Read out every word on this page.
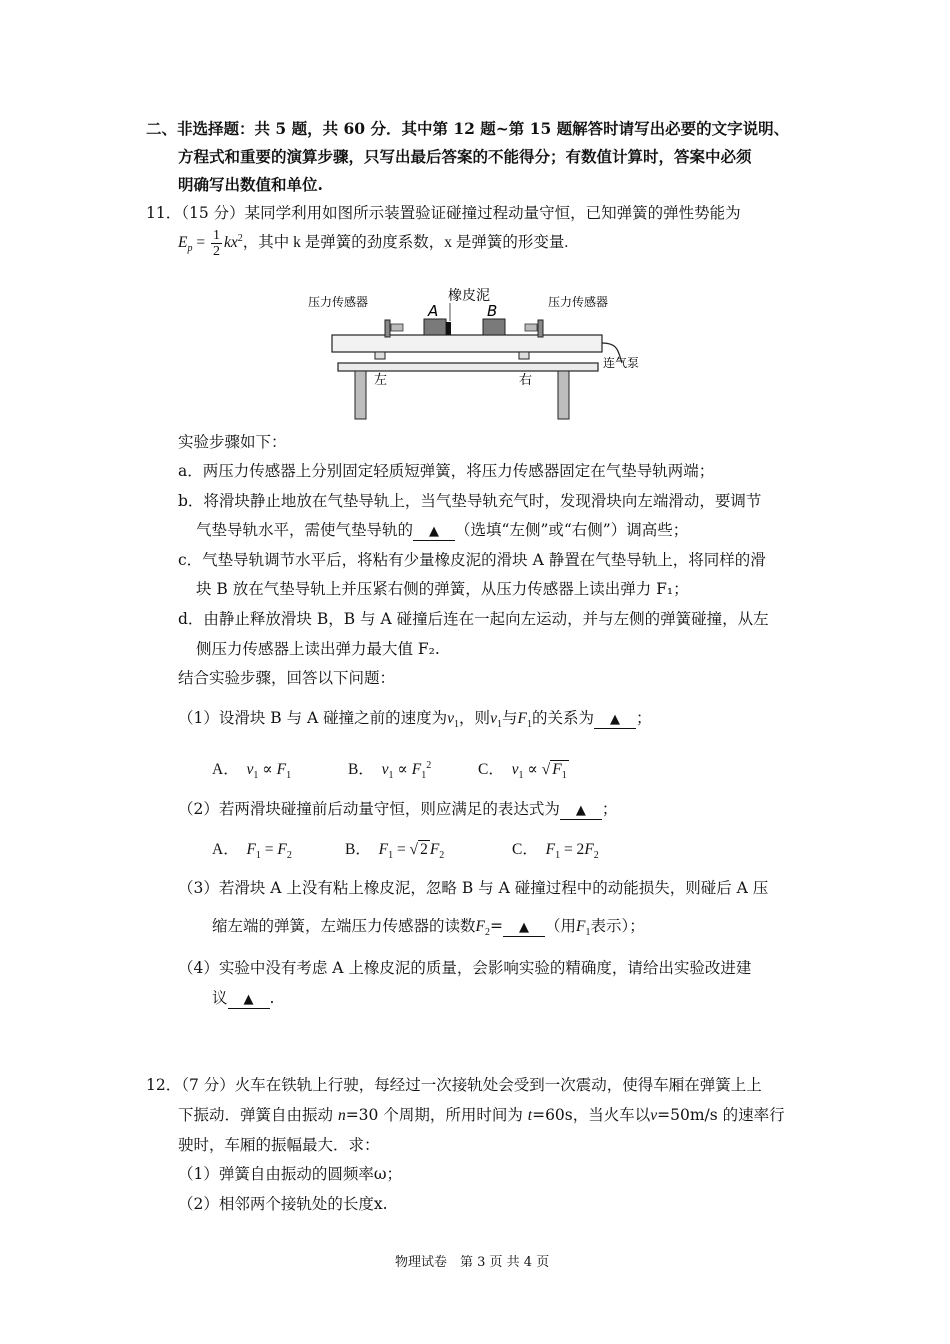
二、非选择题：共 5 题，共 60 分．其中第 12 题~第 15 题解答时请写出必要的文字说明、
方程式和重要的演算步骤，只写出最后答案的不能得分；有数值计算时，答案中必须
明确写出数值和单位.
11．（15 分）某同学利用如图所示装置验证碰撞过程动量守恒，已知弹簧的弹性势能为
$E_p = \frac{1}{2} kx^2$，其中 k 是弹簧的劲度系数，x 是弹簧的形变量.
压力传感器	橡皮泥	压力传感器
A	B
连气泵
左	右
实验步骤如下：
a．两压力传感器上分别固定轻质短弹簧，将压力传感器固定在气垫导轨两端；
b．将滑块静止地放在气垫导轨上，当气垫导轨充气时，发现滑块向左端滑动，要调节
气垫导轨水平，需使气垫导轨的 ▲ （选填“左侧”或“右侧”）调高些；
c．气垫导轨调节水平后，将粘有少量橡皮泥的滑块 A 静置在气垫导轨上，将同样的滑
块 B 放在气垫导轨上并压紧右侧的弹簧，从压力传感器上读出弹力 F₁；
d．由静止释放滑块 B，B 与 A 碰撞后连在一起向左运动，并与左侧的弹簧碰撞，从左
侧压力传感器上读出弹力最大值 F₂.
结合实验步骤，回答以下问题：
（1）设滑块 B 与 A 碰撞之前的速度为$v_1$，则$v_1$与$F_1$的关系为 ▲ ；
A． $v_1 \propto F_1$	B． $v_1 \propto F_1^2$	C． $v_1$ ∝ √ $F_1$
（2）若两滑块碰撞前后动量守恒，则应满足的表达式为 ▲ ；
A． $F_1 = F_2$	B． $F_1$ = √ 2 $F_2$	C． $F_1 = 2F_2$
（3）若滑块 A 上没有粘上橡皮泥，忽略 B 与 A 碰撞过程中的动能损失，则碰后 A 压
缩左端的弹簧，左端压力传感器的读数$F_2=$ ▲ （用$F_1$表示）；
（4）实验中没有考虑 A 上橡皮泥的质量，会影响实验的精确度，请给出实验改进建
议 ▲ .
12．（7 分）火车在铁轨上行驶，每经过一次接轨处会受到一次震动，使得车厢在弹簧上上
下振动．弹簧自由振动 n=30 个周期，所用时间为 t=60s，当火车以v=50m/s 的速率行
驶时，车厢的振幅最大．求：
（1）弹簧自由振动的圆频率ω；
（2）相邻两个接轨处的长度x.
物理试卷　第 3 页 共 4 页
